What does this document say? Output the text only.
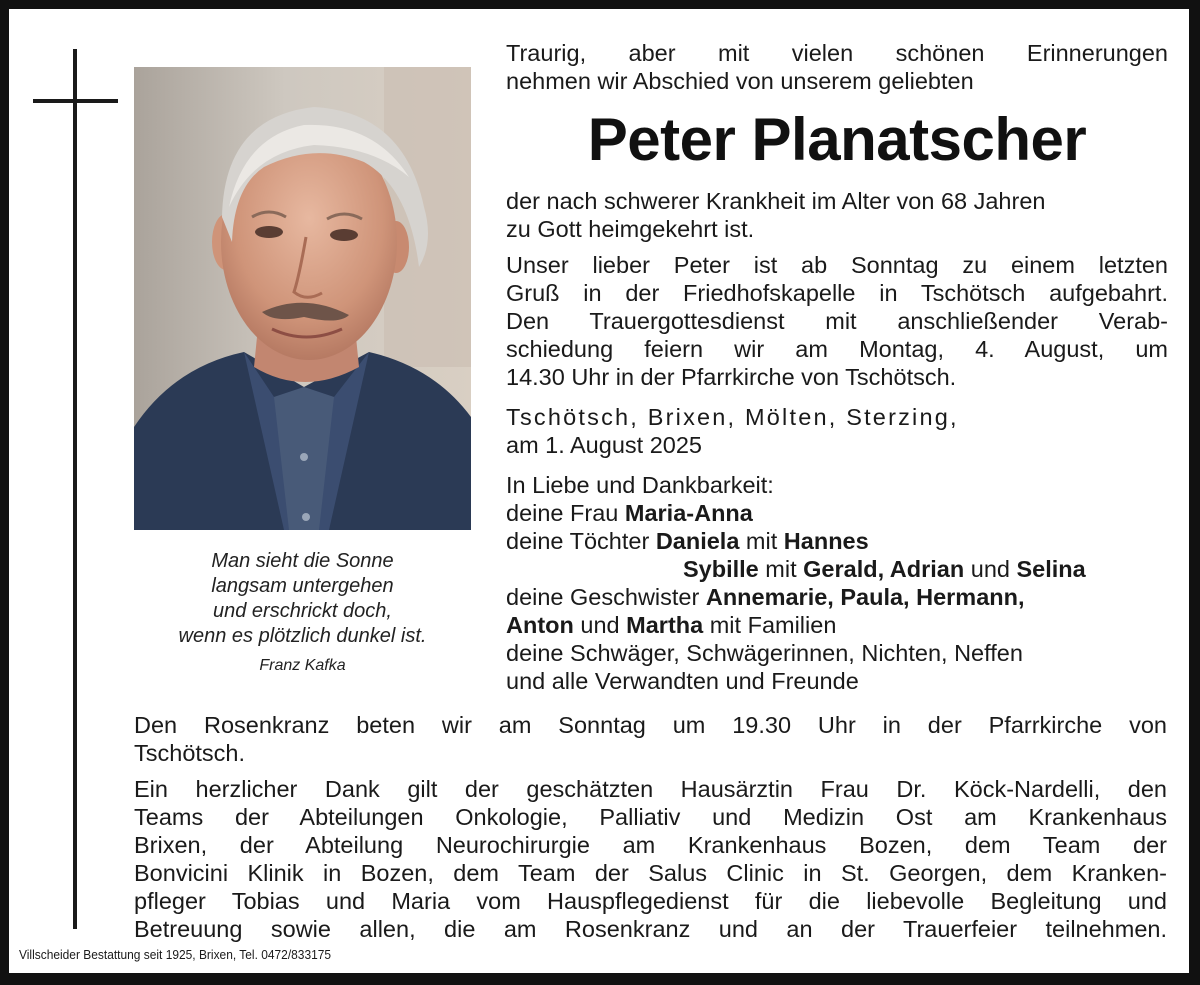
Man sieht die Sonne
langsam untergehen
und erschrickt doch,
wenn es plötzlich dunkel ist.
Franz Kafka
Traurig, aber mit vielen schönen Erinnerungen
nehmen wir Abschied von unserem geliebten
Peter Planatscher
der nach schwerer Krankheit im Alter von 68 Jahren
zu Gott heimgekehrt ist.
Unser lieber Peter ist ab Sonntag zu einem letzten
Gruß in der Friedhofskapelle in Tschötsch aufgebahrt.
Den Trauergottesdienst mit anschließender Verab-
schiedung feiern wir am Montag, 4. August, um
14.30 Uhr in der Pfarrkirche von Tschötsch.
Tschötsch, Brixen, Mölten, Sterzing,
am 1. August 2025
In Liebe und Dankbarkeit:
deine Frau Maria-Anna
deine Töchter Daniela mit Hannes
Sybille mit Gerald, Adrian und Selina
deine Geschwister Annemarie, Paula, Hermann,
Anton und Martha mit Familien
deine Schwäger, Schwägerinnen, Nichten, Neffen
und alle Verwandten und Freunde
Den Rosenkranz beten wir am Sonntag um 19.30 Uhr in der Pfarrkirche von
Tschötsch.
Ein herzlicher Dank gilt der geschätzten Hausärztin Frau Dr. Köck-Nardelli, den
Teams der Abteilungen Onkologie, Palliativ und Medizin Ost am Krankenhaus
Brixen, der Abteilung Neurochirurgie am Krankenhaus Bozen, dem Team der
Bonvicini Klinik in Bozen, dem Team der Salus Clinic in St. Georgen, dem Kranken-
pfleger Tobias und Maria vom Hauspflegedienst für die liebevolle Begleitung und
Betreuung sowie allen, die am Rosenkranz und an der Trauerfeier teilnehmen.
Villscheider Bestattung seit 1925, Brixen, Tel. 0472/833175
